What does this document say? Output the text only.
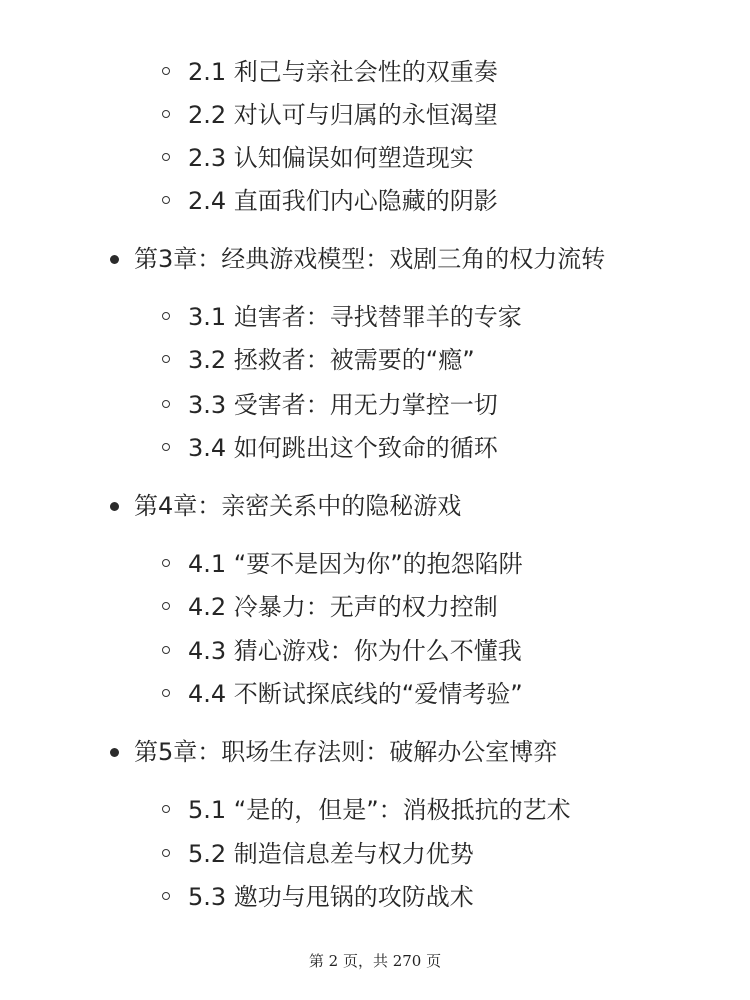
2.1 利己与亲社会性的双重奏
2.2 对认可与归属的永恒渴望
2.3 认知偏误如何塑造现实
2.4 直面我们内心隐藏的阴影
第3章：经典游戏模型：戏剧三角的权力流转
3.1 迫害者：寻找替罪羊的专家
3.2 拯救者：被需要的“瘾”
3.3 受害者：用无力掌控一切
3.4 如何跳出这个致命的循环
第4章：亲密关系中的隐秘游戏
4.1 “要不是因为你”的抱怨陷阱
4.2 冷暴力：无声的权力控制
4.3 猜心游戏：你为什么不懂我
4.4 不断试探底线的“爱情考验”
第5章：职场生存法则：破解办公室博弈
5.1 “是的，但是”：消极抵抗的艺术
5.2 制造信息差与权力优势
5.3 邀功与甩锅的攻防战术
第 2 页，共 270 页
